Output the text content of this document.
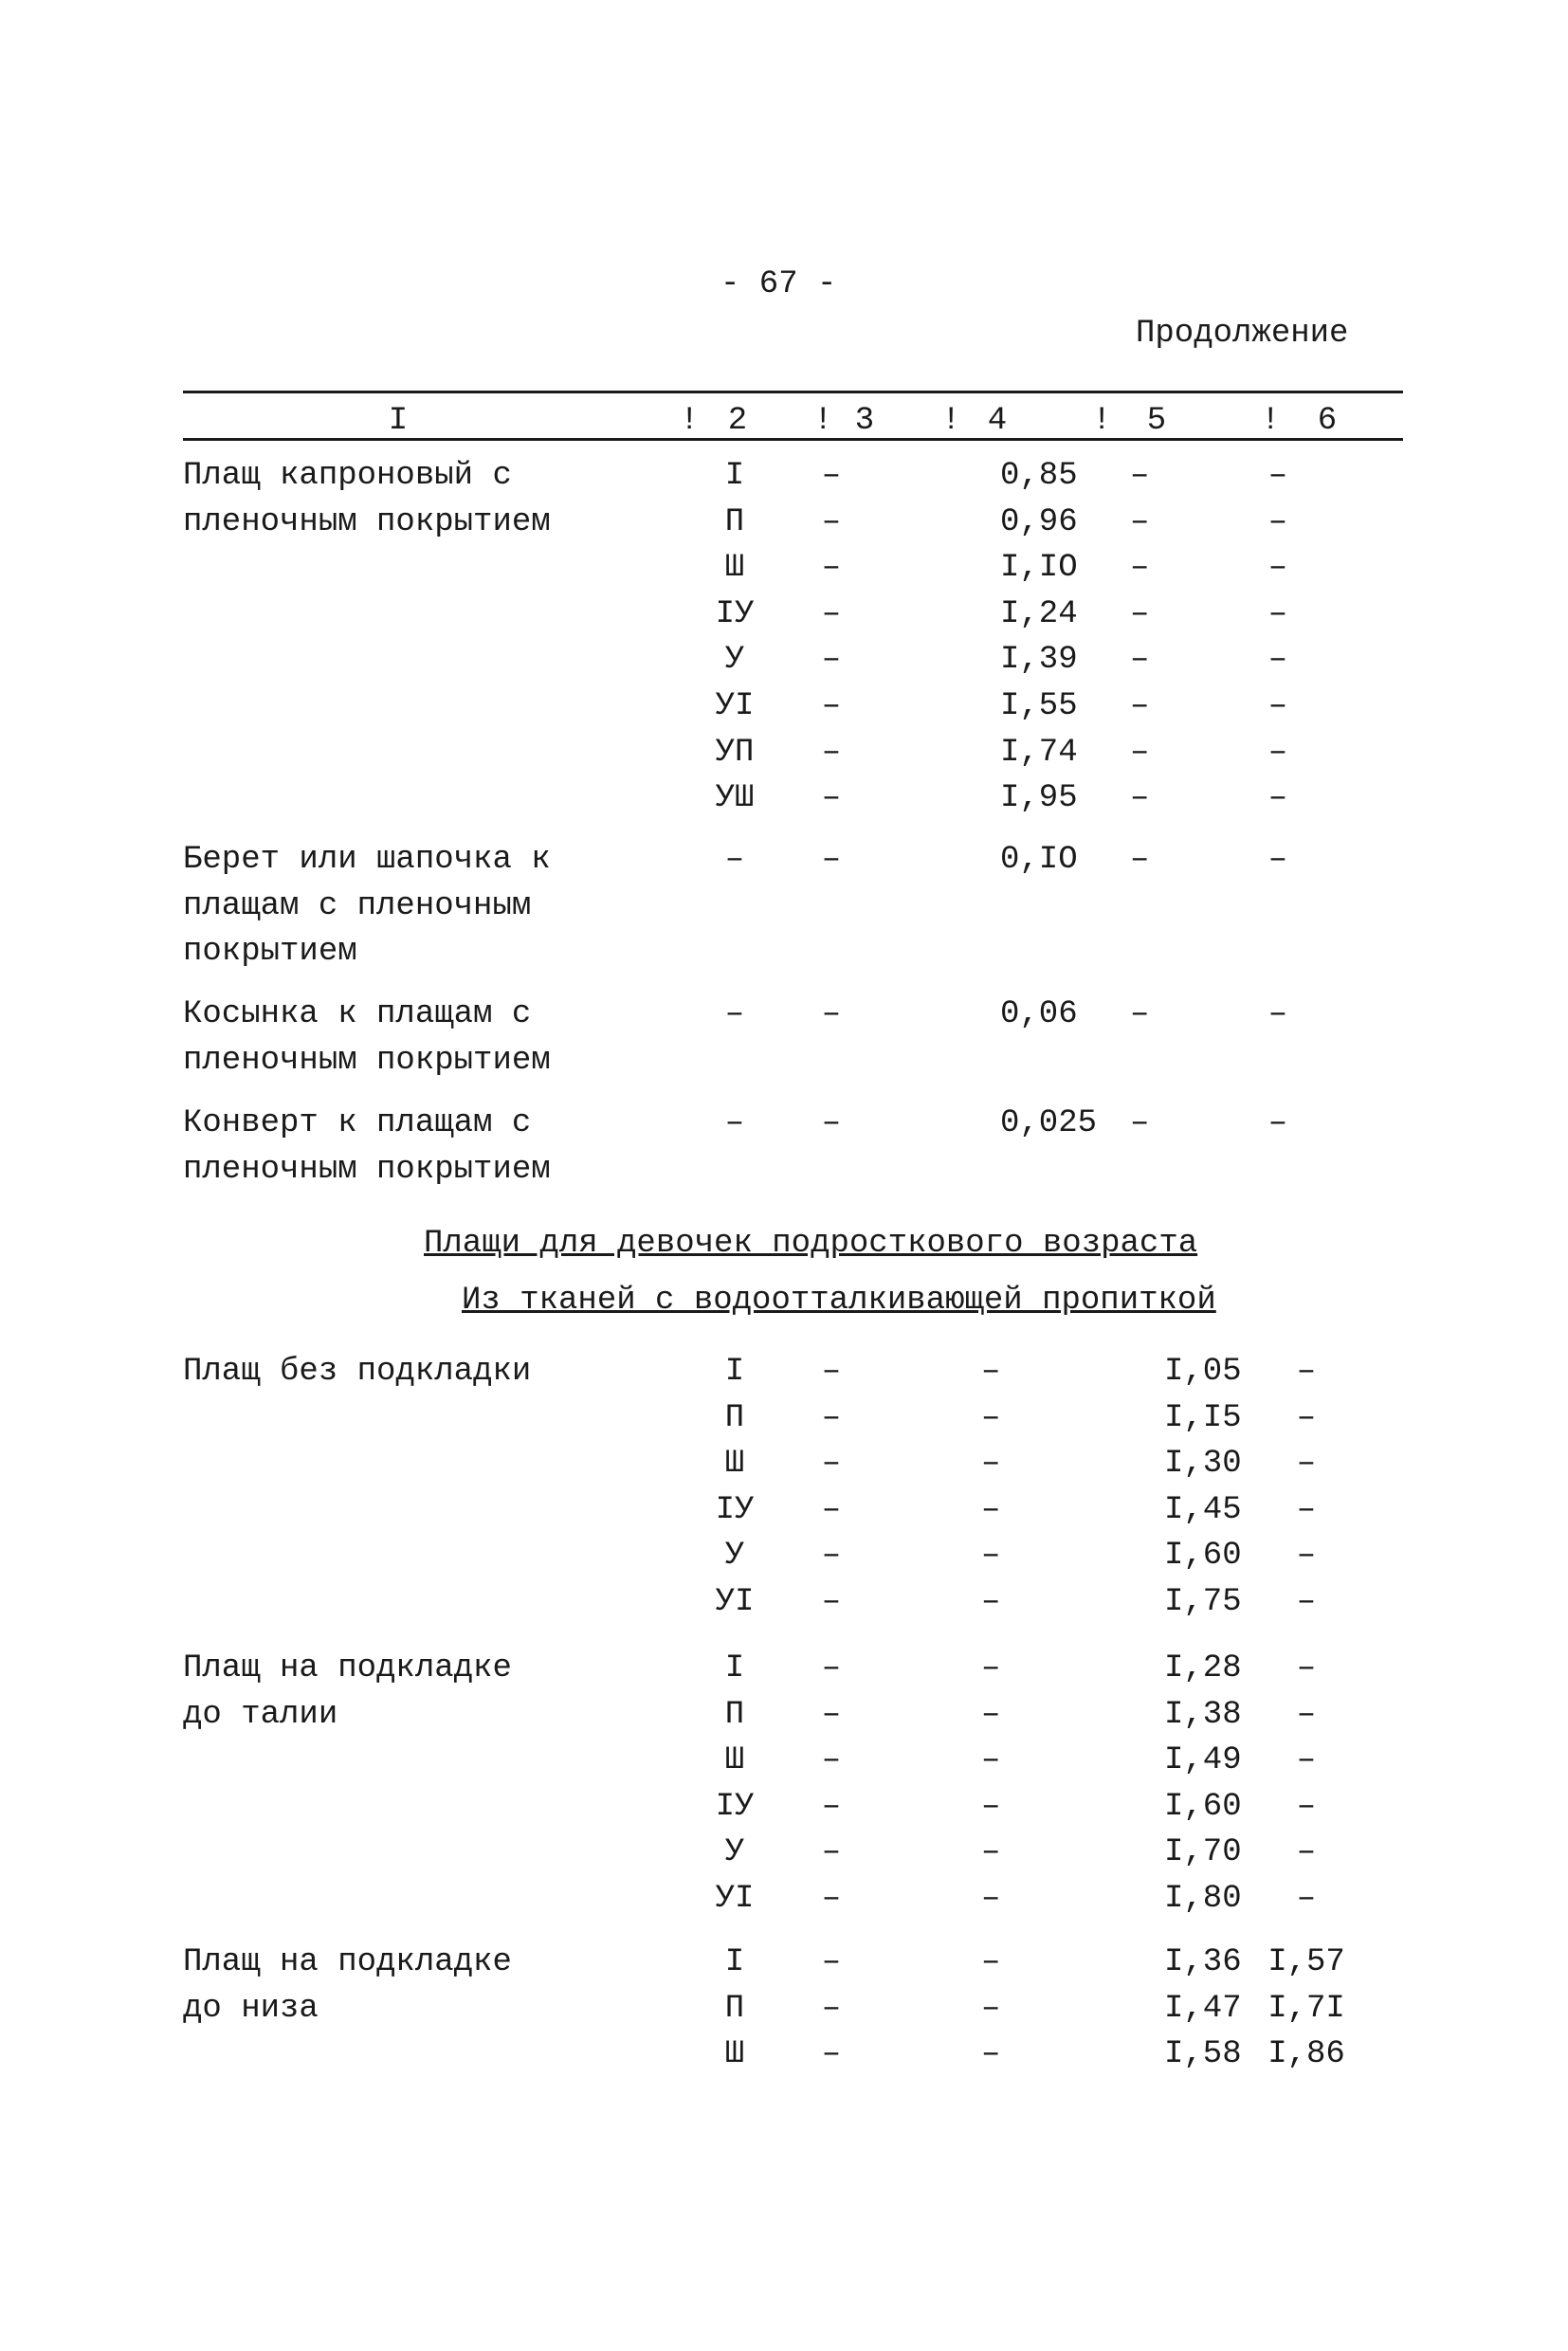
- 67 -
Продолжение
I	! 2	! 3	! 4	!	5	!	6
Плащ капроновый с
пленочным покрытием
I	–	0,85 –	–
П	–	0,96 –	–
Ш	–	I,IO –	–
IУ	–	I,24 –	–
У	–	I,39 –	–
УI	–	I,55 –	–
УП	–	I,74 –	–
УШ	–	I,95 –	–
Берет или шапочка к
плащам с пленочным
покрытием
–	–	0,IO –	–
Косынка к плащам с
пленочным покрытием
–	–	0,06 –	–
Конверт к плащам с
пленочным покрытием
–	–	0,025 –	–
Плащ без подкладки	I	–	–	I,05	–
П	–	–	I,I5	–
Ш	–	–	I,30	–
IУ	–	–	I,45	–
У	–	–	I,60	–
УI	–	–	I,75	–
Плащ на подкладке
до талии
I	–	–	I,28	–
П	–	–	I,38	–
Ш	–	–	I,49	–
IУ	–	–	I,60	–
У	–	–	I,70	–
УI	–	–	I,80	–
Плащ на подкладке
до низа
I	–	–	I,36 I,57
П	–	–	I,47 I,7I
Ш	–	–	I,58 I,86
Плащи для девочек подросткового возраста
Из тканей с водоотталкивающей пропиткой
